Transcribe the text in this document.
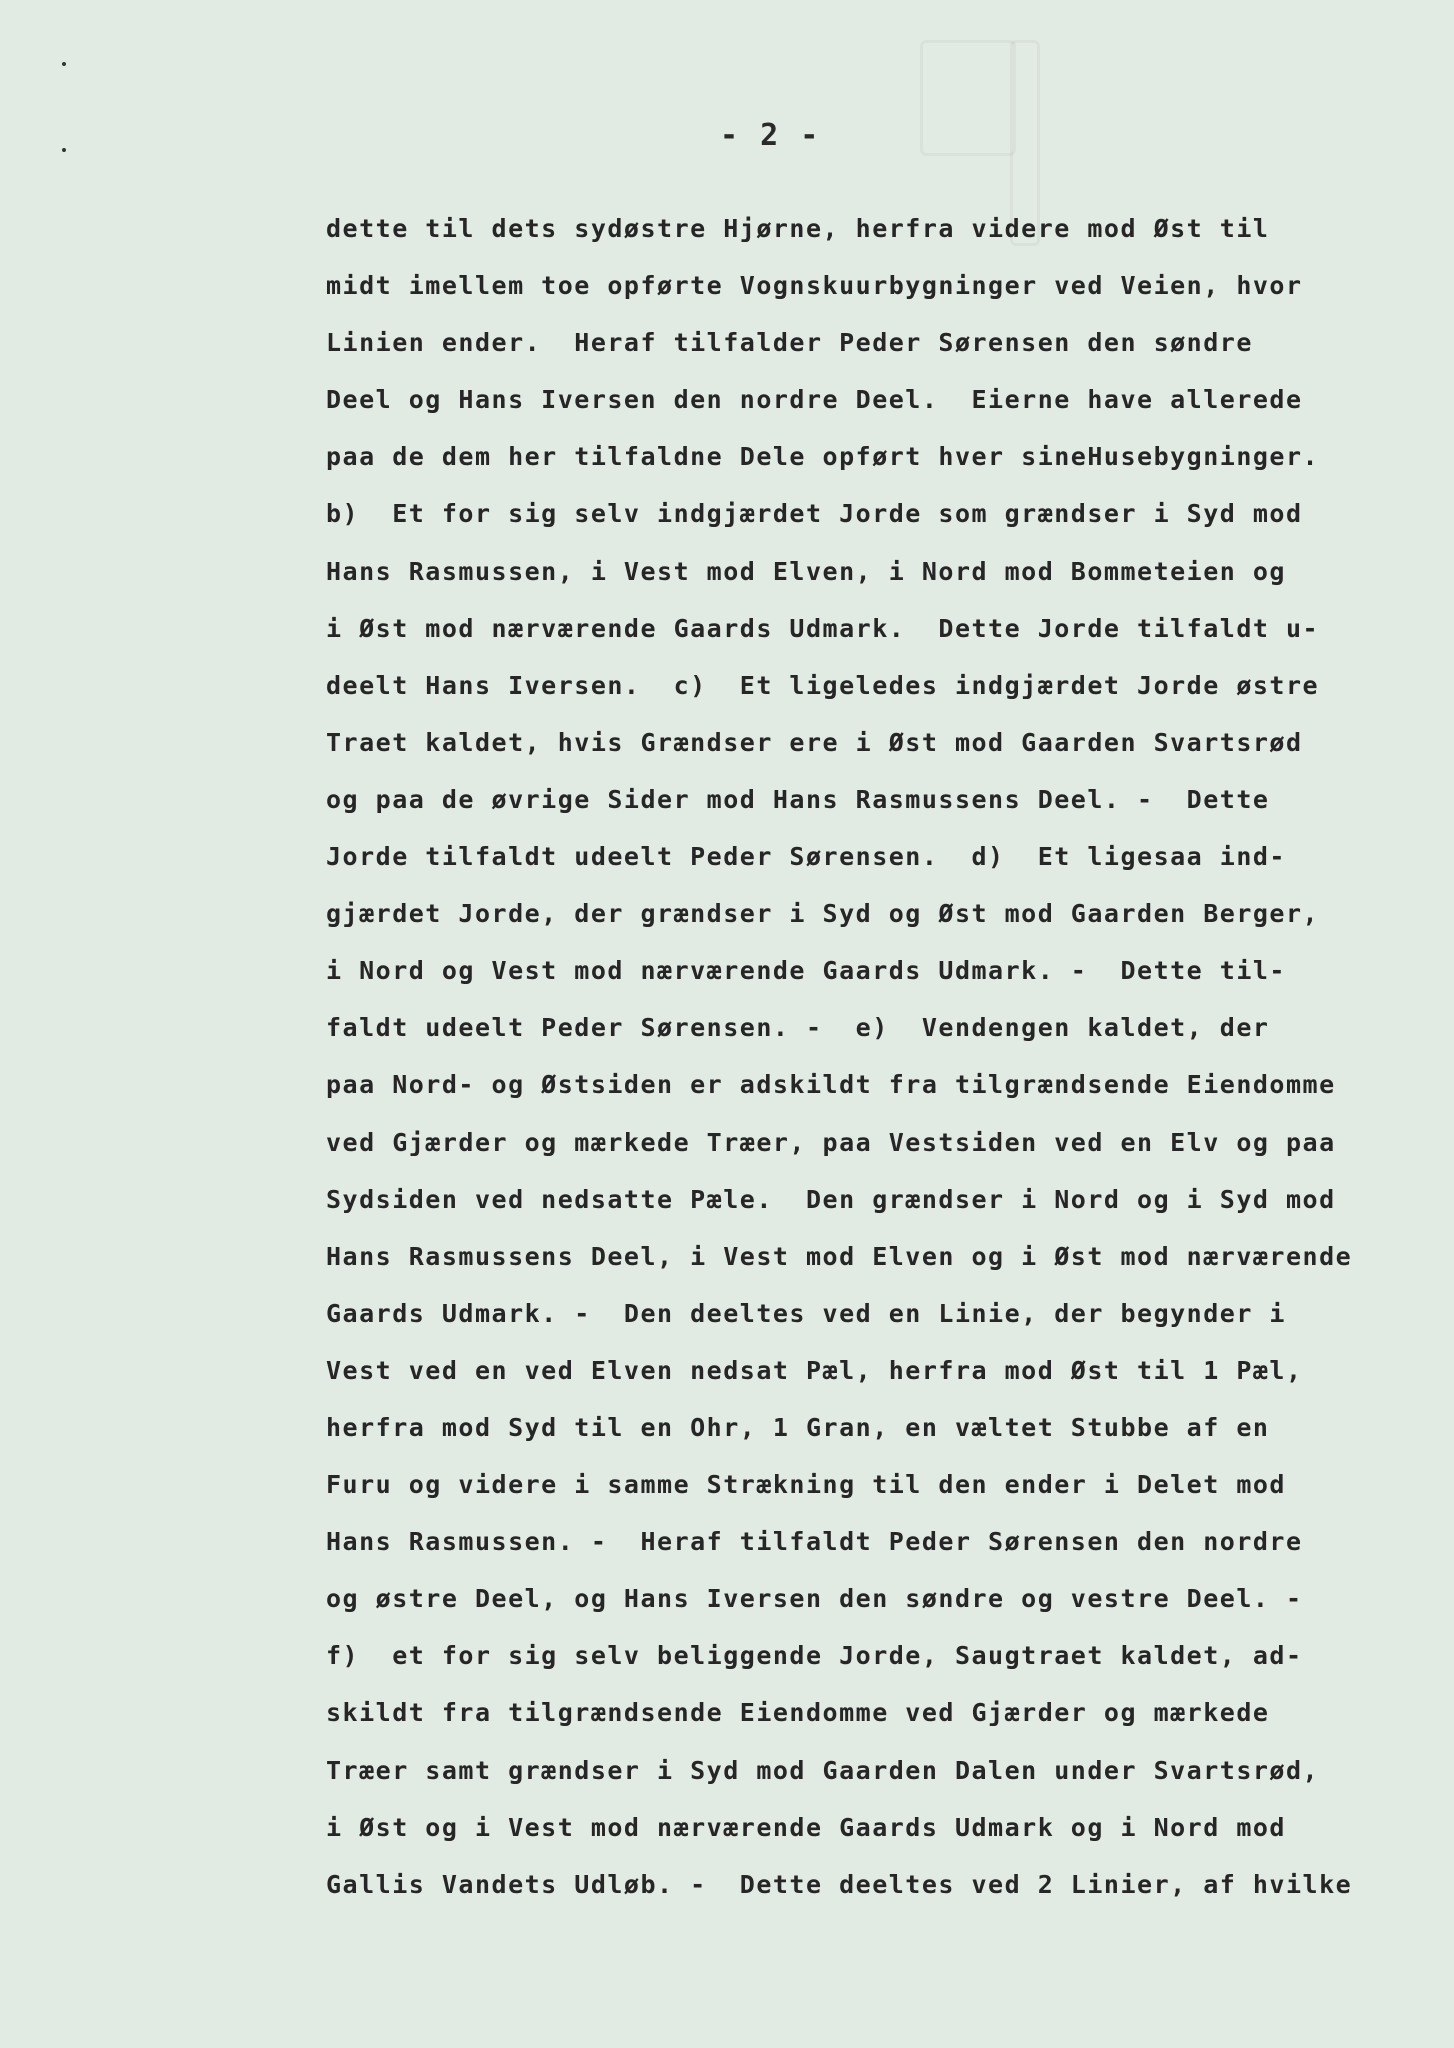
- 2 -
dette til dets sydøstre Hjørne, herfra videre mod Øst til
midt imellem toe opførte Vognskuurbygninger ved Veien, hvor
Linien ender.  Heraf tilfalder Peder Sørensen den søndre
Deel og Hans Iversen den nordre Deel.  Eierne have allerede
paa de dem her tilfaldne Dele opført hver sineHusebygninger.
b)  Et for sig selv indgjærdet Jorde som grændser i Syd mod
Hans Rasmussen, i Vest mod Elven, i Nord mod Bommeteien og
i Øst mod nærværende Gaards Udmark.  Dette Jorde tilfaldt u-
deelt Hans Iversen.  c)  Et ligeledes indgjærdet Jorde østre
Traet kaldet, hvis Grændser ere i Øst mod Gaarden Svartsrød
og paa de øvrige Sider mod Hans Rasmussens Deel. -  Dette
Jorde tilfaldt udeelt Peder Sørensen.  d)  Et ligesaa ind-
gjærdet Jorde, der grændser i Syd og Øst mod Gaarden Berger,
i Nord og Vest mod nærværende Gaards Udmark. -  Dette til-
faldt udeelt Peder Sørensen. -  e)  Vendengen kaldet, der
paa Nord- og Østsiden er adskildt fra tilgrændsende Eiendomme
ved Gjærder og mærkede Træer, paa Vestsiden ved en Elv og paa
Sydsiden ved nedsatte Pæle.  Den grændser i Nord og i Syd mod
Hans Rasmussens Deel, i Vest mod Elven og i Øst mod nærværende
Gaards Udmark. -  Den deeltes ved en Linie, der begynder i
Vest ved en ved Elven nedsat Pæl, herfra mod Øst til 1 Pæl,
herfra mod Syd til en Ohr, 1 Gran, en væltet Stubbe af en
Furu og videre i samme Strækning til den ender i Delet mod
Hans Rasmussen. -  Heraf tilfaldt Peder Sørensen den nordre
og østre Deel, og Hans Iversen den søndre og vestre Deel. -
f)  et for sig selv beliggende Jorde, Saugtraet kaldet, ad-
skildt fra tilgrændsende Eiendomme ved Gjærder og mærkede
Træer samt grændser i Syd mod Gaarden Dalen under Svartsrød,
i Øst og i Vest mod nærværende Gaards Udmark og i Nord mod
Gallis Vandets Udløb. -  Dette deeltes ved 2 Linier, af hvilke
